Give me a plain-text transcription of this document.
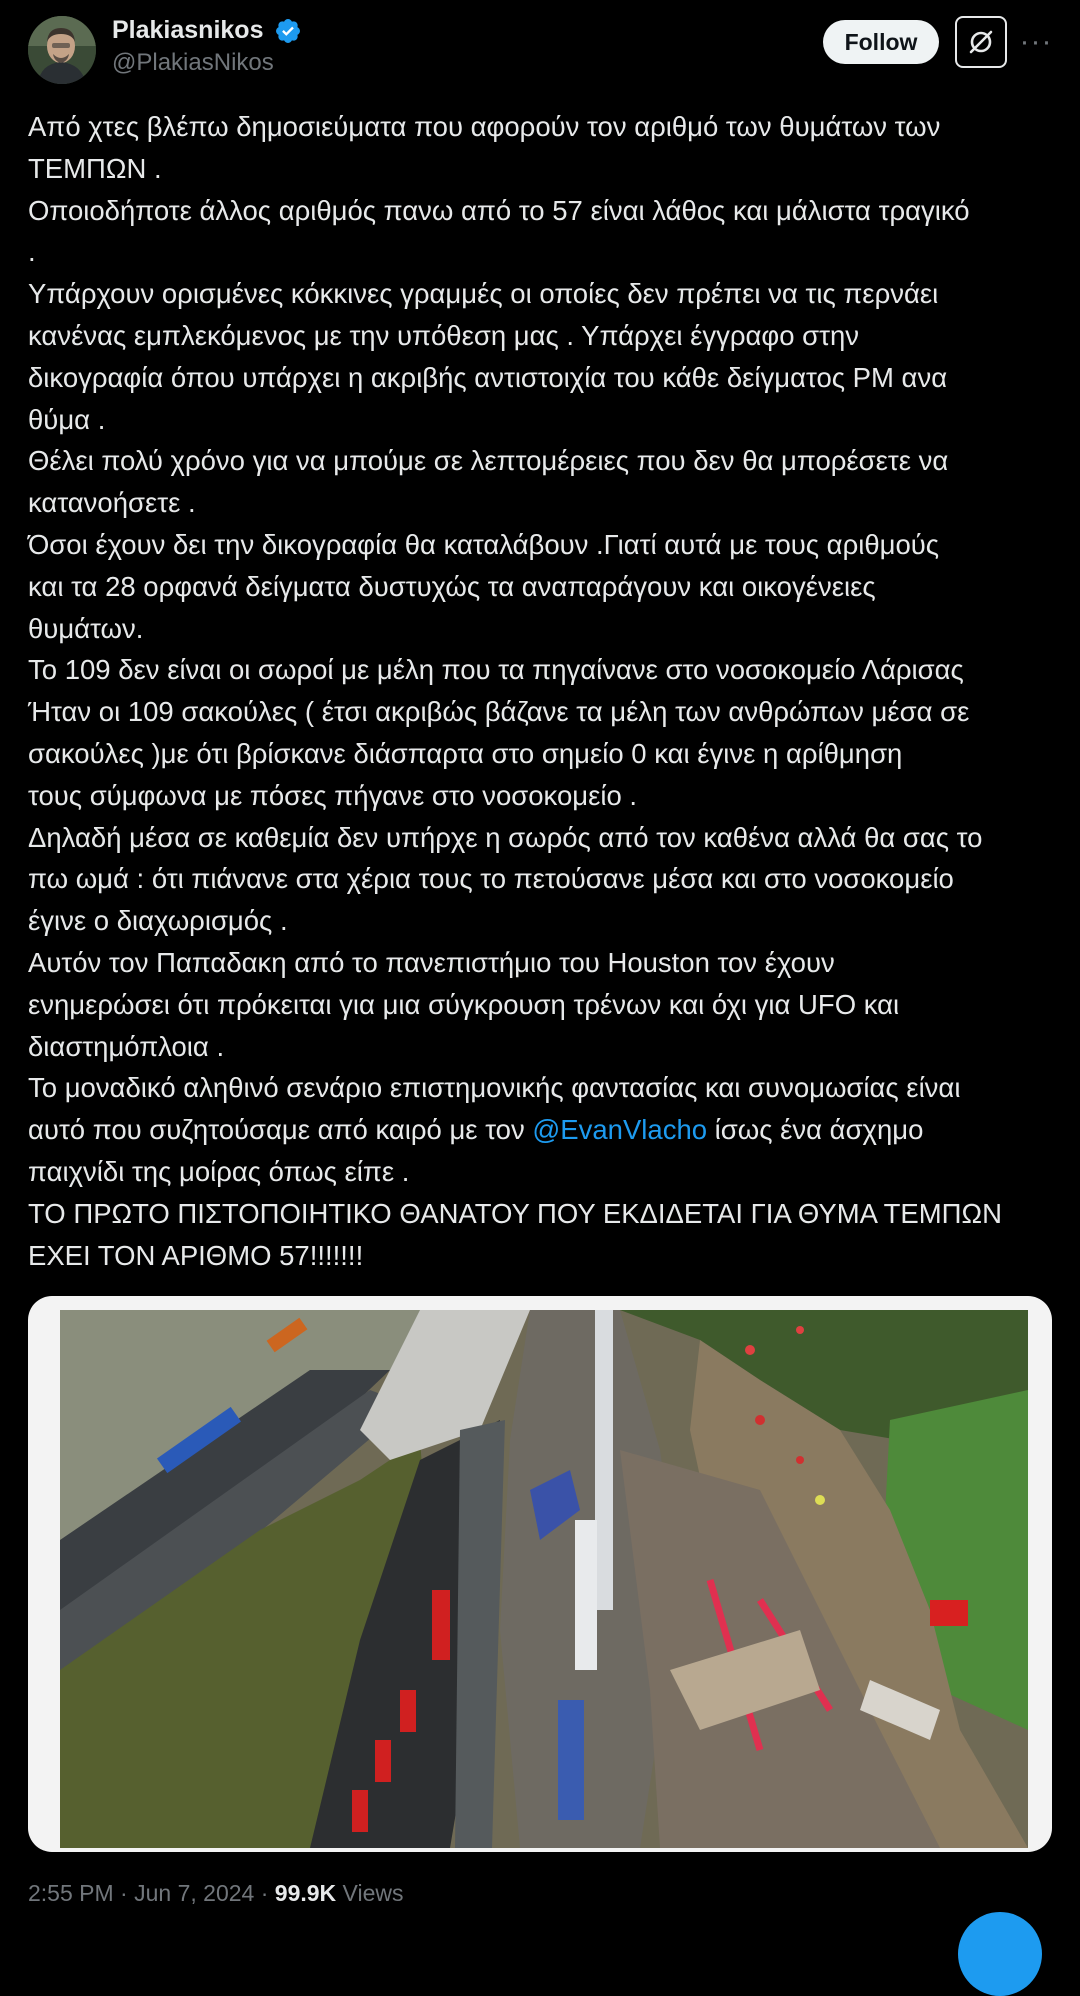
Plakiasnikos
@PlakiasNikos
Follow	···
Από χτες βλέπω δημοσιεύματα που αφορούν τον αριθμό των θυμάτων των
ΤΕΜΠΩΝ .
Οποιοδήποτε άλλος αριθμός πανω από το 57 είναι λάθος και μάλιστα τραγικό
.
Υπάρχουν ορισμένες κόκκινες γραμμές οι οποίες δεν πρέπει να τις περνάει
κανένας εμπλεκόμενος με την υπόθεση μας . Υπάρχει έγγραφο στην
δικογραφία όπου υπάρχει η ακριβής αντιστοιχία του κάθε δείγματος PM ανα
θύμα .
Θέλει πολύ χρόνο για να μπούμε σε λεπτομέρειες που δεν θα μπορέσετε να
κατανοήσετε .
Όσοι έχουν δει την δικογραφία θα καταλάβουν .Γιατί αυτά με τους αριθμούς
και τα 28 ορφανά δείγματα δυστυχώς τα αναπαράγουν και οικογένειες
θυμάτων.
Το 109 δεν είναι οι σωροί με μέλη που τα πηγαίνανε στο νοσοκομείο Λάρισας
Ήταν οι 109 σακούλες ( έτσι ακριβώς βάζανε τα μέλη των ανθρώπων μέσα σε
σακούλες )με ότι βρίσκανε διάσπαρτα στο σημείο 0 και έγινε η αρίθμηση
τους σύμφωνα με πόσες πήγανε στο νοσοκομείο .
Δηλαδή μέσα σε καθεμία δεν υπήρχε η σωρός από τον καθένα αλλά θα σας το
πω ωμά : ότι πιάνανε στα χέρια τους το πετούσανε μέσα και στο νοσοκομείο
έγινε ο διαχωρισμός .
Αυτόν τον Παπαδακη από το πανεπιστήμιο του Houston τον έχουν
ενημερώσει ότι πρόκειται για μια σύγκρουση τρένων και όχι για UFO και
διαστημόπλοια .
Το μοναδικό αληθινό σενάριο επιστημονικής φαντασίας και συνομωσίας είναι
αυτό που συζητούσαμε από καιρό με τον @EvanVlacho ίσως ένα άσχημο
παιχνίδι της μοίρας όπως είπε .
ΤΟ ΠΡΩΤΟ ΠΙΣΤΟΠΟΙΗΤΙΚΟ ΘΑΝΑΤΟΥ ΠΟΥ ΕΚΔΙΔΕΤΑΙ ΓΙΑ ΘΥΜΑ ΤΕΜΠΩΝ
ΕΧΕΙ ΤΟΝ ΑΡΙΘΜΟ 57!!!!!!!
2:55 PM · Jun 7, 2024 · 99.9K Views
